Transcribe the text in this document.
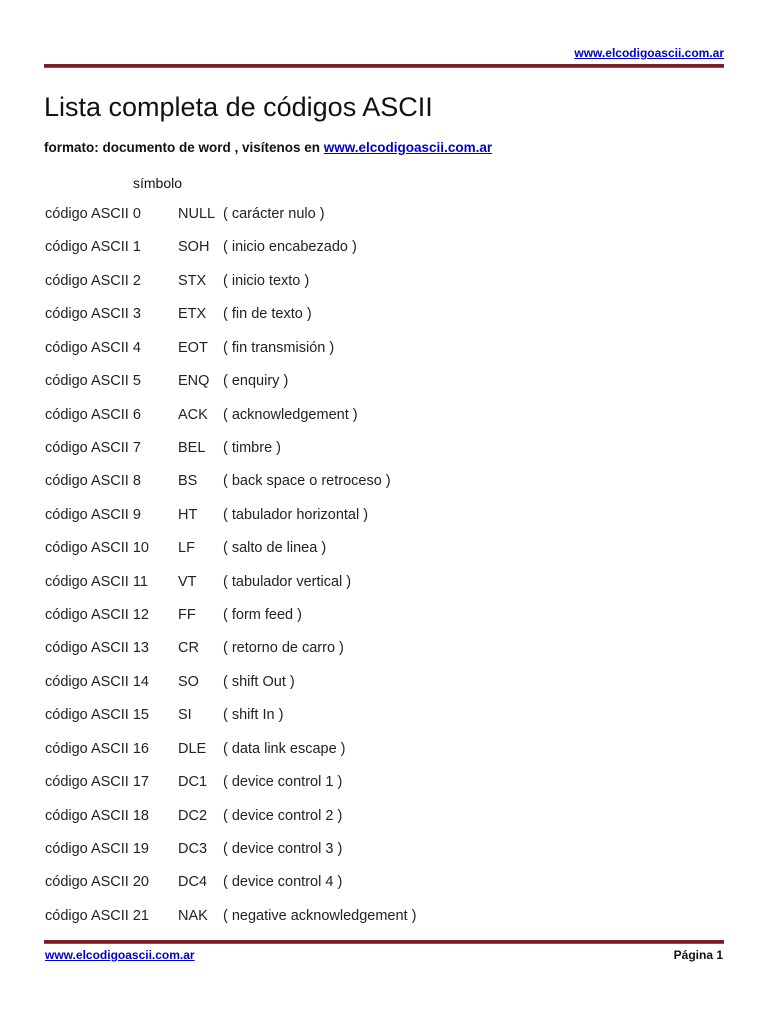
www.elcodigoascii.com.ar
Lista completa de códigos ASCII
formato: documento de word , visítenos en www.elcodigoascii.com.ar
símbolo
código ASCII 0	NULL ( carácter nulo )
código ASCII 1	SOH ( inicio encabezado )
código ASCII 2	STX	( inicio texto )
código ASCII 3	ETX	( fin de texto )
código ASCII 4	EOT	( fin transmisión )
código ASCII 5	ENQ ( enquiry )
código ASCII 6	ACK	( acknowledgement )
código ASCII 7	BEL	( timbre )
código ASCII 8	BS	( back space o retroceso )
código ASCII 9	HT	( tabulador horizontal )
código ASCII 10	LF	( salto de linea )
código ASCII 11	VT	( tabulador vertical )
código ASCII 12	FF	( form feed )
código ASCII 13	CR	( retorno de carro )
código ASCII 14	SO	( shift Out )
código ASCII 15	SI	( shift In )
código ASCII 16	DLE	( data link escape )
código ASCII 17	DC1	( device control 1 )
código ASCII 18	DC2	( device control 2 )
código ASCII 19	DC3	( device control 3 )
código ASCII 20	DC4	( device control 4 )
código ASCII 21	NAK	( negative acknowledgement )
www.elcodigoascii.com.ar	Página 1
